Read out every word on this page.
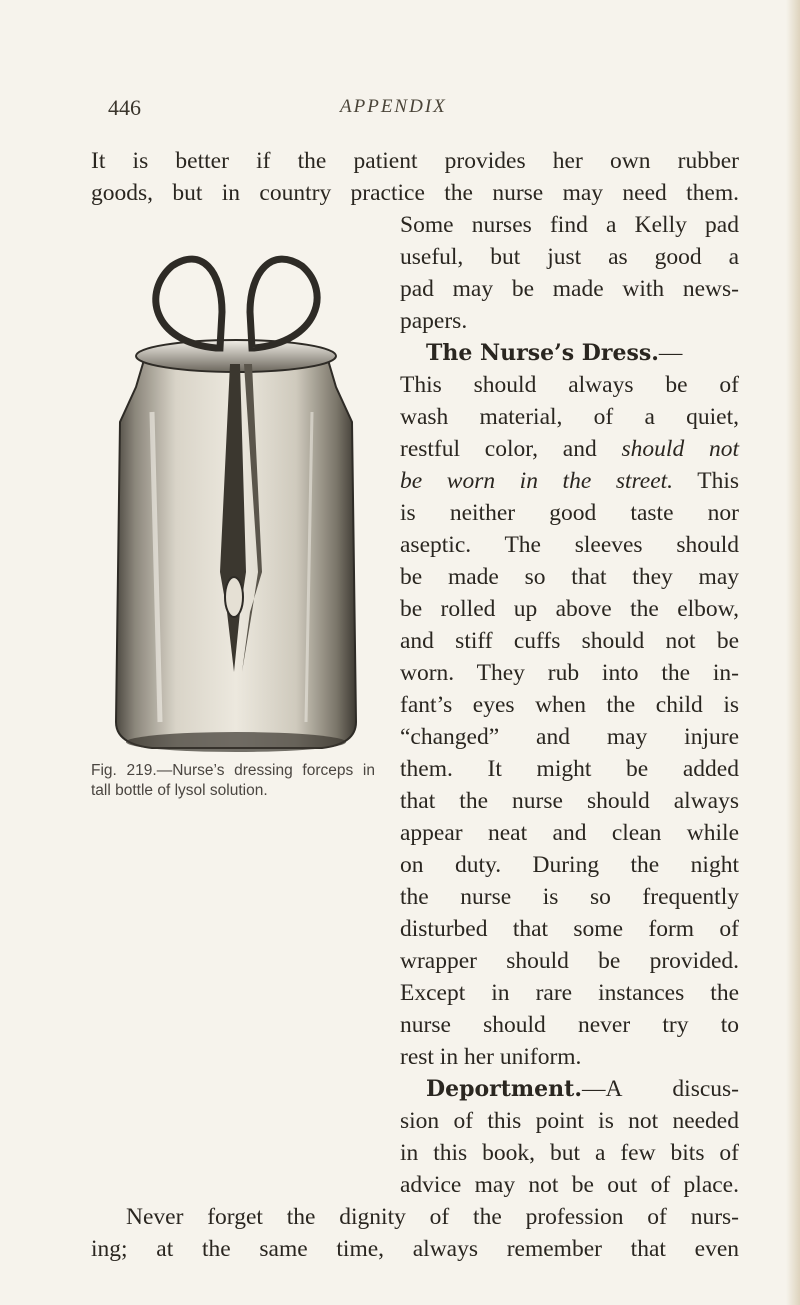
446	APPENDIX
It is better if the patient provides her own rubber
goods, but in country practice the nurse may need them.
Some nurses find a Kelly pad
useful, but just as good a
pad may be made with news-
papers.
The Nurse’s Dress.—
This should always be of
wash material, of a quiet,
restful color, and should not
be worn in the street. This
is neither good taste nor
aseptic. The sleeves should
be made so that they may
be rolled up above the elbow,
and stiff cuffs should not be
worn. They rub into the in-
fant’s eyes when the child is
“changed” and may injure
them. It might be added
that the nurse should always
appear neat and clean while
on duty. During the night
the nurse is so frequently
disturbed that some form of
wrapper should be provided.
Except in rare instances the
nurse should never try to
rest in her uniform.
Deportment.—A discus-
sion of this point is not needed
in this book, but a few bits of
advice may not be out of place.
Never forget the dignity of the profession of nurs-
ing; at the same time, always remember that even
Fig. 219.—Nurse’s dressing forceps in tall bottle of lysol solution.
